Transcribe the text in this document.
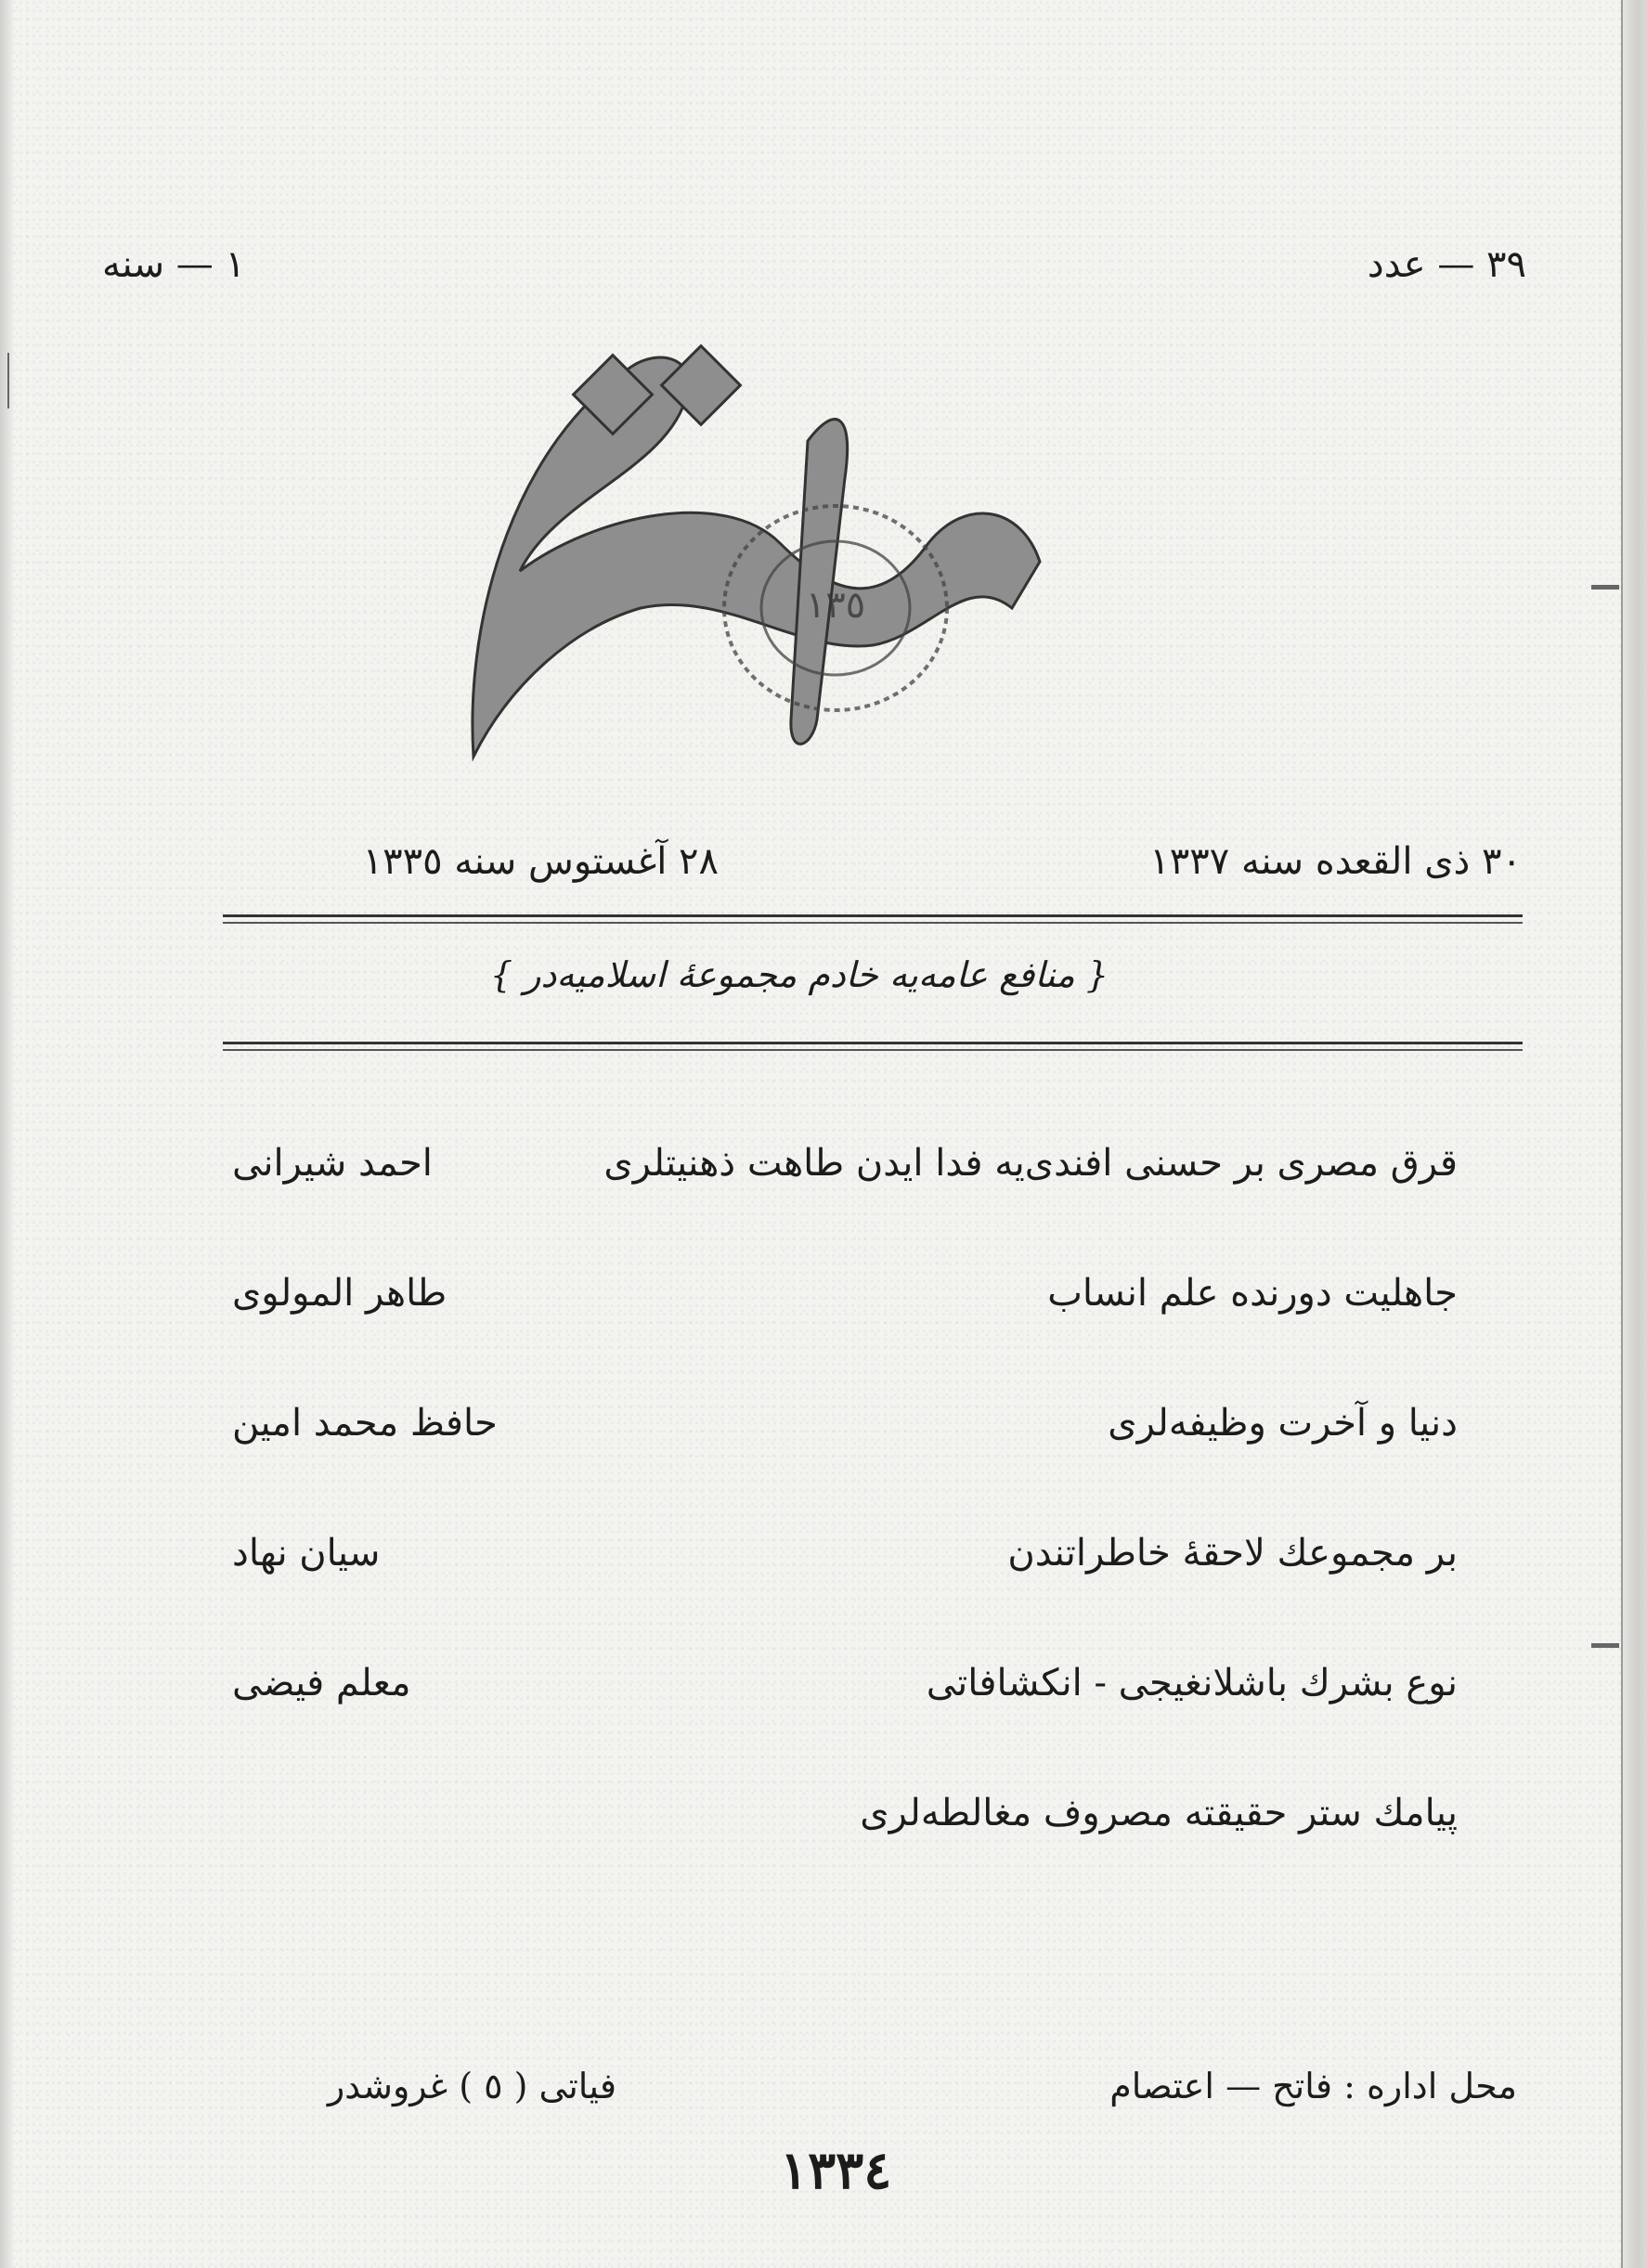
٣٩ — عدد
١ — سنه
١٣٥
٣٠ ذی القعده سنه ١٣٣٧
٢٨ آغستوس سنه ١٣٣٥
{ منافع عامه‌یه خادم مجموعهٔ اسلامیه‌در }
قرق مصری بر حسنی افندی‌یه فدا ایدن طاهت ذهنیتلری
احمد شیرانی
جاهلیت دورنده علم انساب
طاهر المولوی
دنیا و آخرت وظیفه‌لری
حافظ محمد امین
بر مجموعك لاحقهٔ خاطراتندن
سیان نهاد
نوع بشرك باشلانغیجی - انکشافاتی
معلم فیضی
پیامك ستر حقیقته مصروف مغالطه‌لری
محل اداره : فاتح — اعتصام
فیاتی ( ٥ ) غروشدر
١٣٣٤
